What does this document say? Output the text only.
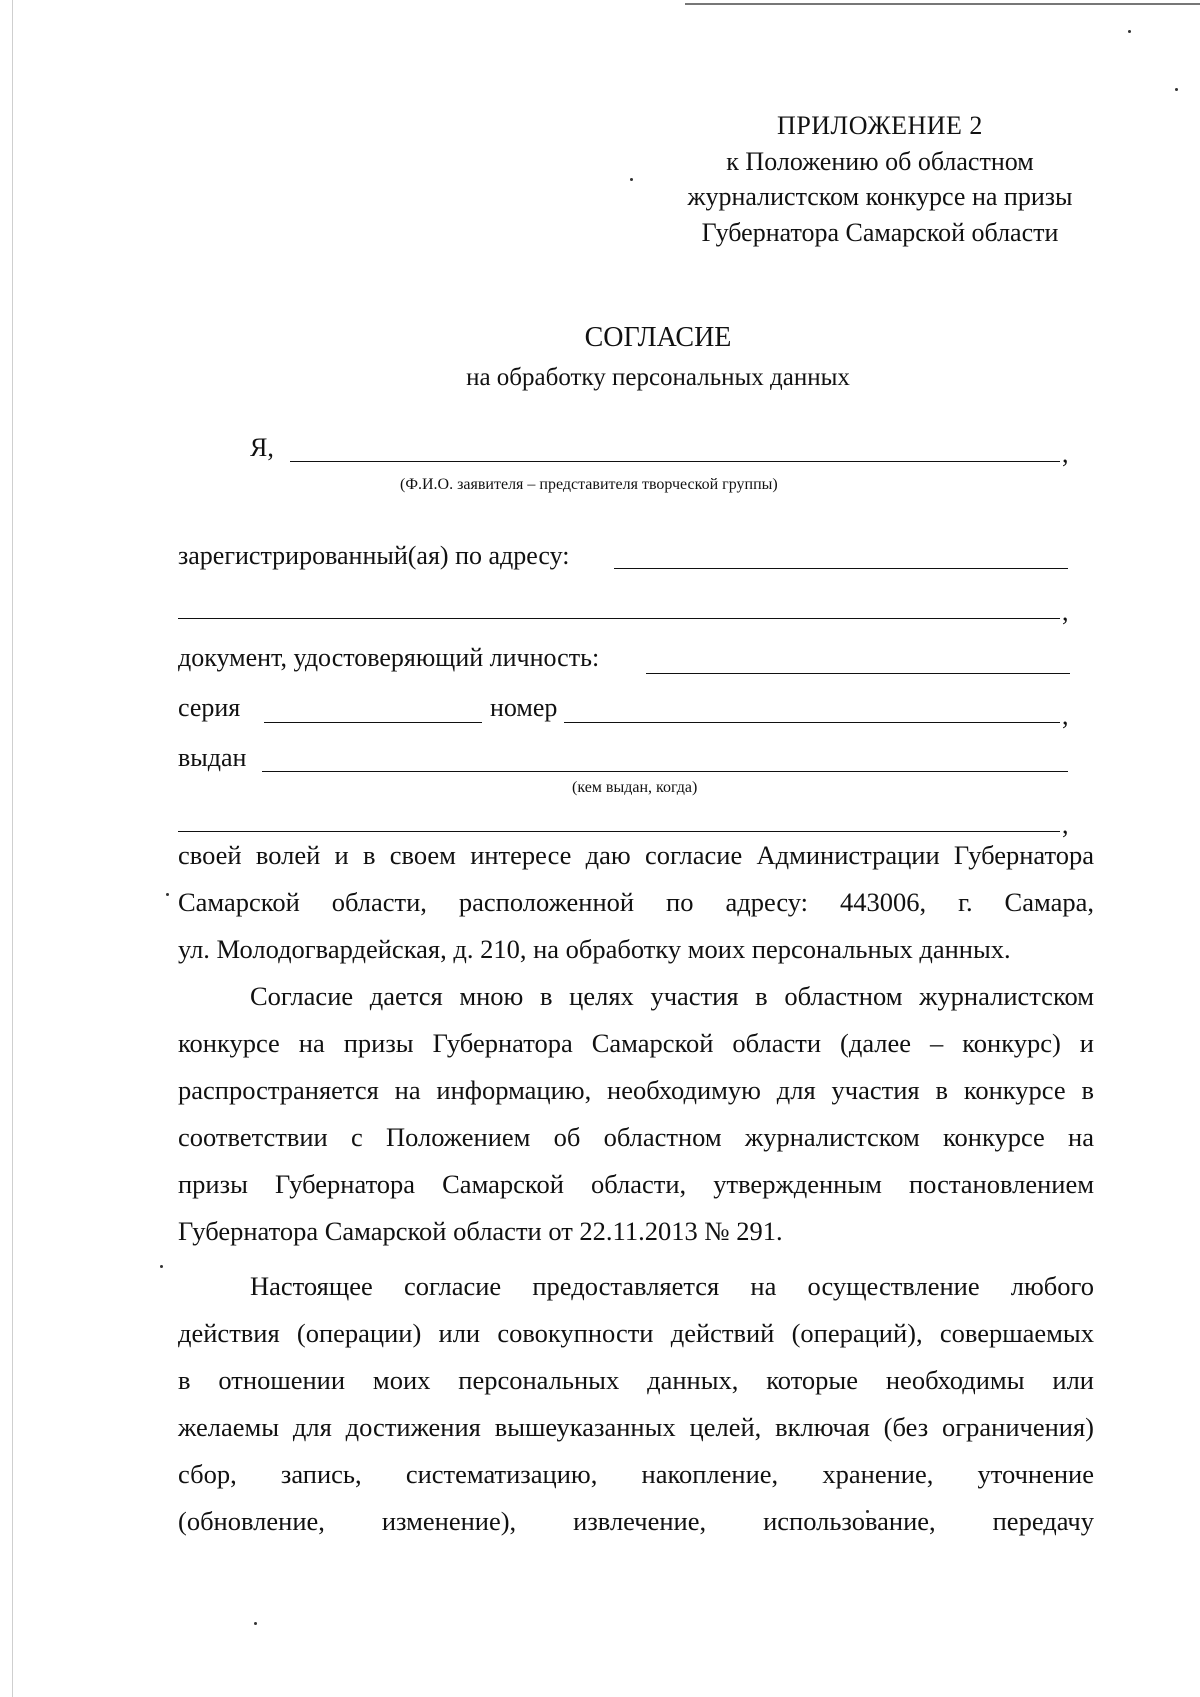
ПРИЛОЖЕНИЕ 2
к Положению об областном
журналистском конкурсе на призы
Губернатора Самарской области
СОГЛАСИЕ
на обработку персональных данных
Я,	,
(Ф.И.О. заявителя – представителя творческой группы)
зарегистрированный(ая) по адресу:
,
документ, удостоверяющий личность:
серия	номер	,
выдан
(кем выдан, когда)
,

своей волей и в своем интересе даю согласие Администрации Губернатора
Самарской области, расположенной по адресу: 443006, г. Самара,
ул. Молодогвардейская, д. 210, на обработку моих персональных данных.

Согласие дается мною в целях участия в областном журналистском
конкурсе на призы Губернатора Самарской области (далее – конкурс) и
распространяется на информацию, необходимую для участия в конкурсе в
соответствии с Положением об областном журналистском конкурсе на
призы Губернатора Самарской области, утвержденным постановлением
Губернатора Самарской области от 22.11.2013 № 291.

Настоящее согласие предоставляется на осуществление любого
действия (операции) или совокупности действий (операций), совершаемых
в отношении моих персональных данных, которые необходимы или
желаемы для достижения вышеуказанных целей, включая (без ограничения)
сбор, запись, систематизацию, накопление, хранение, уточнение
(обновление, изменение), извлечение, использование, передачу
